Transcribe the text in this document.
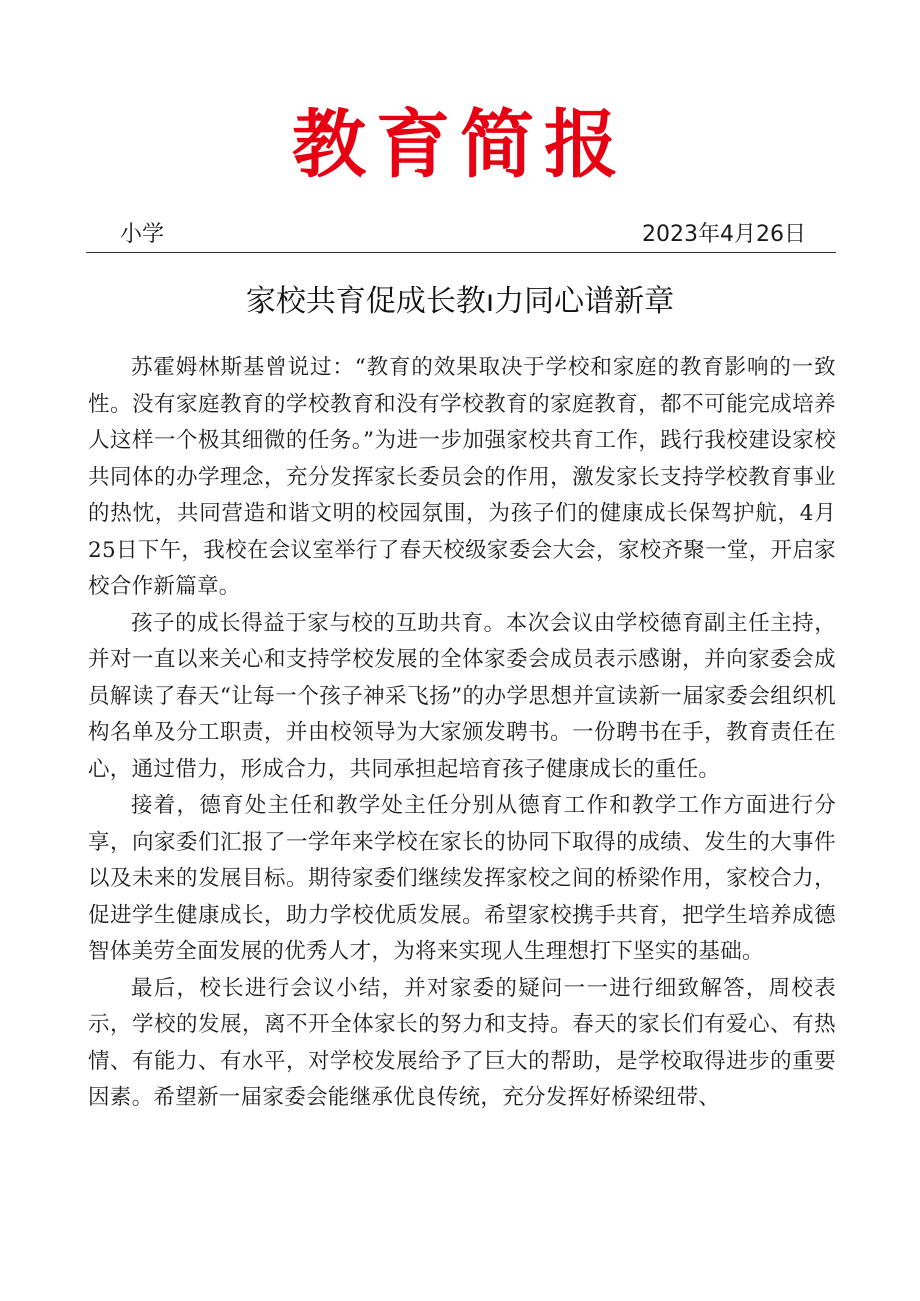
教育简报
小学	2023年4月26日
家校共育促成长教ı力同心谱新章

苏霍姆林斯基曾说过：“教育的效果取决于学校和家庭的教育影响的一致性。没有家庭教育的学校教育和没有学校教育的家庭教育，都不可能完成培养人这样一个极其细微的任务。”为进一步加强家校共育工作，践行我校建设家校共同体的办学理念，充分发挥家长委员会的作用，激发家长支持学校教育事业的热忱，共同营造和谐文明的校园氛围，为孩子们的健康成长保驾护航，4月25日下午，我校在会议室举行了春天校级家委会大会，家校齐聚一堂，开启家校合作新篇章。

孩子的成长得益于家与校的互助共育。本次会议由学校德育副主任主持，并对一直以来关心和支持学校发展的全体家委会成员表示感谢，并向家委会成员解读了春天“让每一个孩子神采飞扬”的办学思想并宣读新一届家委会组织机构名单及分工职责，并由校领导为大家颁发聘书。一份聘书在手，教育责任在心，通过借力，形成合力，共同承担起培育孩子健康成长的重任。

接着，德育处主任和教学处主任分别从德育工作和教学工作方面进行分享，向家委们汇报了一学年来学校在家长的协同下取得的成绩、发生的大事件以及未来的发展目标。期待家委们继续发挥家校之间的桥梁作用，家校合力，促进学生健康成长，助力学校优质发展。希望家校携手共育，把学生培养成德智体美劳全面发展的优秀人才，为将来实现人生理想打下坚实的基础。

最后，校长进行会议小结，并对家委的疑问一一进行细致解答，周校表示，学校的发展，离不开全体家长的努力和支持。春天的家长们有爱心、有热情、有能力、有水平，对学校发展给予了巨大的帮助，是学校取得进步的重要因素。希望新一届家委会能继承优良传统，充分发挥好桥梁纽带、
